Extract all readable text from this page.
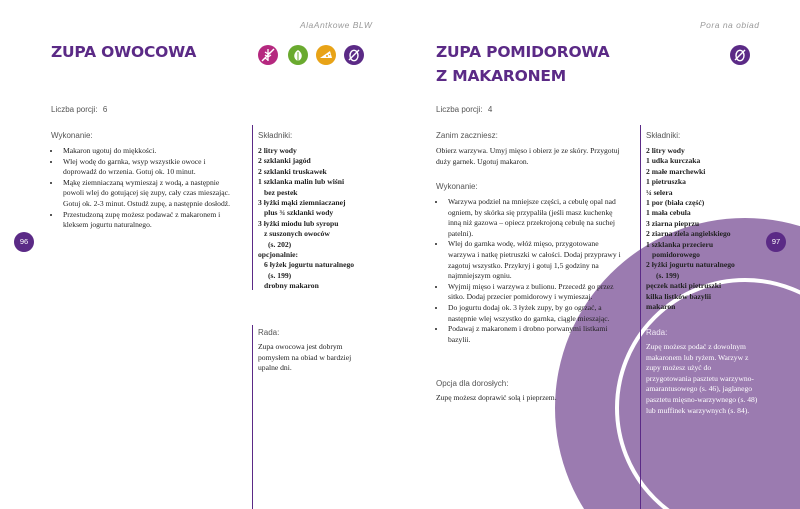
AlaAntkowe BLW
ZUPA OWOCOWA
Liczba porcji: 6
Wykonanie:
• Makaron ugotuj do miękkości.
• Wlej wodę do garnka, wsyp wszystkie owoce i doprowadź do wrzenia. Gotuj ok. 10 minut.
• Mąkę ziemniaczaną wymieszaj z wodą, a następnie powoli wlej do gotującej się zupy, cały czas mieszając. Gotuj ok. 2-3 minut. Ostudź zupę, a następnie dosłodź.
• Przestudzoną zupę możesz podawać z makaronem i kleksem jogurtu naturalnego.
Składniki:
2 litry wody
2 szklanki jagód
2 szklanki truskawek
1 szklanka malin lub wiśni
bez pestek
3 łyżki mąki ziemniaczanej
plus ¾ szklanki wody
3 łyżki miodu lub syropu
z suszonych owoców
(s. 202)
opcjonalnie:
6 łyżek jogurtu naturalnego
(s. 199)
drobny makaron
Rada:
Zupa owocowa jest dobrym pomysłem na obiad w bardziej upalne dni.
96
Pora na obiad
ZUPA POMIDOROWA
Z MAKARONEM
Liczba porcji: 4
Zanim zaczniesz:
Obierz warzywa. Umyj mięso i obierz je ze skóry. Przygotuj duży garnek. Ugotuj makaron.
Wykonanie:
• Warzywa podziel na mniejsze części, a cebulę opal nad ogniem, by skórka się przypaliła (jeśli masz kuchenkę inną niż gazowa – opiecz przekrojoną cebulę na suchej patelni).
• Wlej do garnka wodę, włóż mięso, przygotowane warzywa i natkę pietruszki w całości. Dodaj przyprawy i zagotuj wszystko. Przykryj i gotuj 1,5 godziny na najmniejszym ogniu.
• Wyjmij mięso i warzywa z bulionu. Przecedź go przez sitko. Dodaj przecier pomidorowy i wymieszaj.
• Do jogurtu dodaj ok. 3 łyżek zupy, by go ogrzać, a następnie wlej wszystko do garnka, ciągle mieszając.
• Podawaj z makaronem i drobno porwanymi listkami bazylii.
Opcja dla dorosłych:
Zupę możesz doprawić solą i pieprzem.
Składniki:
2 litry wody
1 udka kurczaka
2 małe marchewki
1 pietruszka
¼ selera
1 por (biała część)
1 mała cebula
3 ziarna pieprzu
2 ziarna ziela angielskiego
1 szklanka przecieru
pomidorowego
2 łyżki jogurtu naturalnego
(s. 199)
pęczek natki pietruszki
kilka listków bazylii
makaron
Rada:
Zupę możesz podać z dowolnym makaronem lub ryżem. Warzyw z zupy możesz użyć do przygotowania pasztetu warzywno-amarantusowego (s. 46), jaglanego pasztetu mięsno-warzywnego (s. 48) lub muffinek warzywnych (s. 84).
97
